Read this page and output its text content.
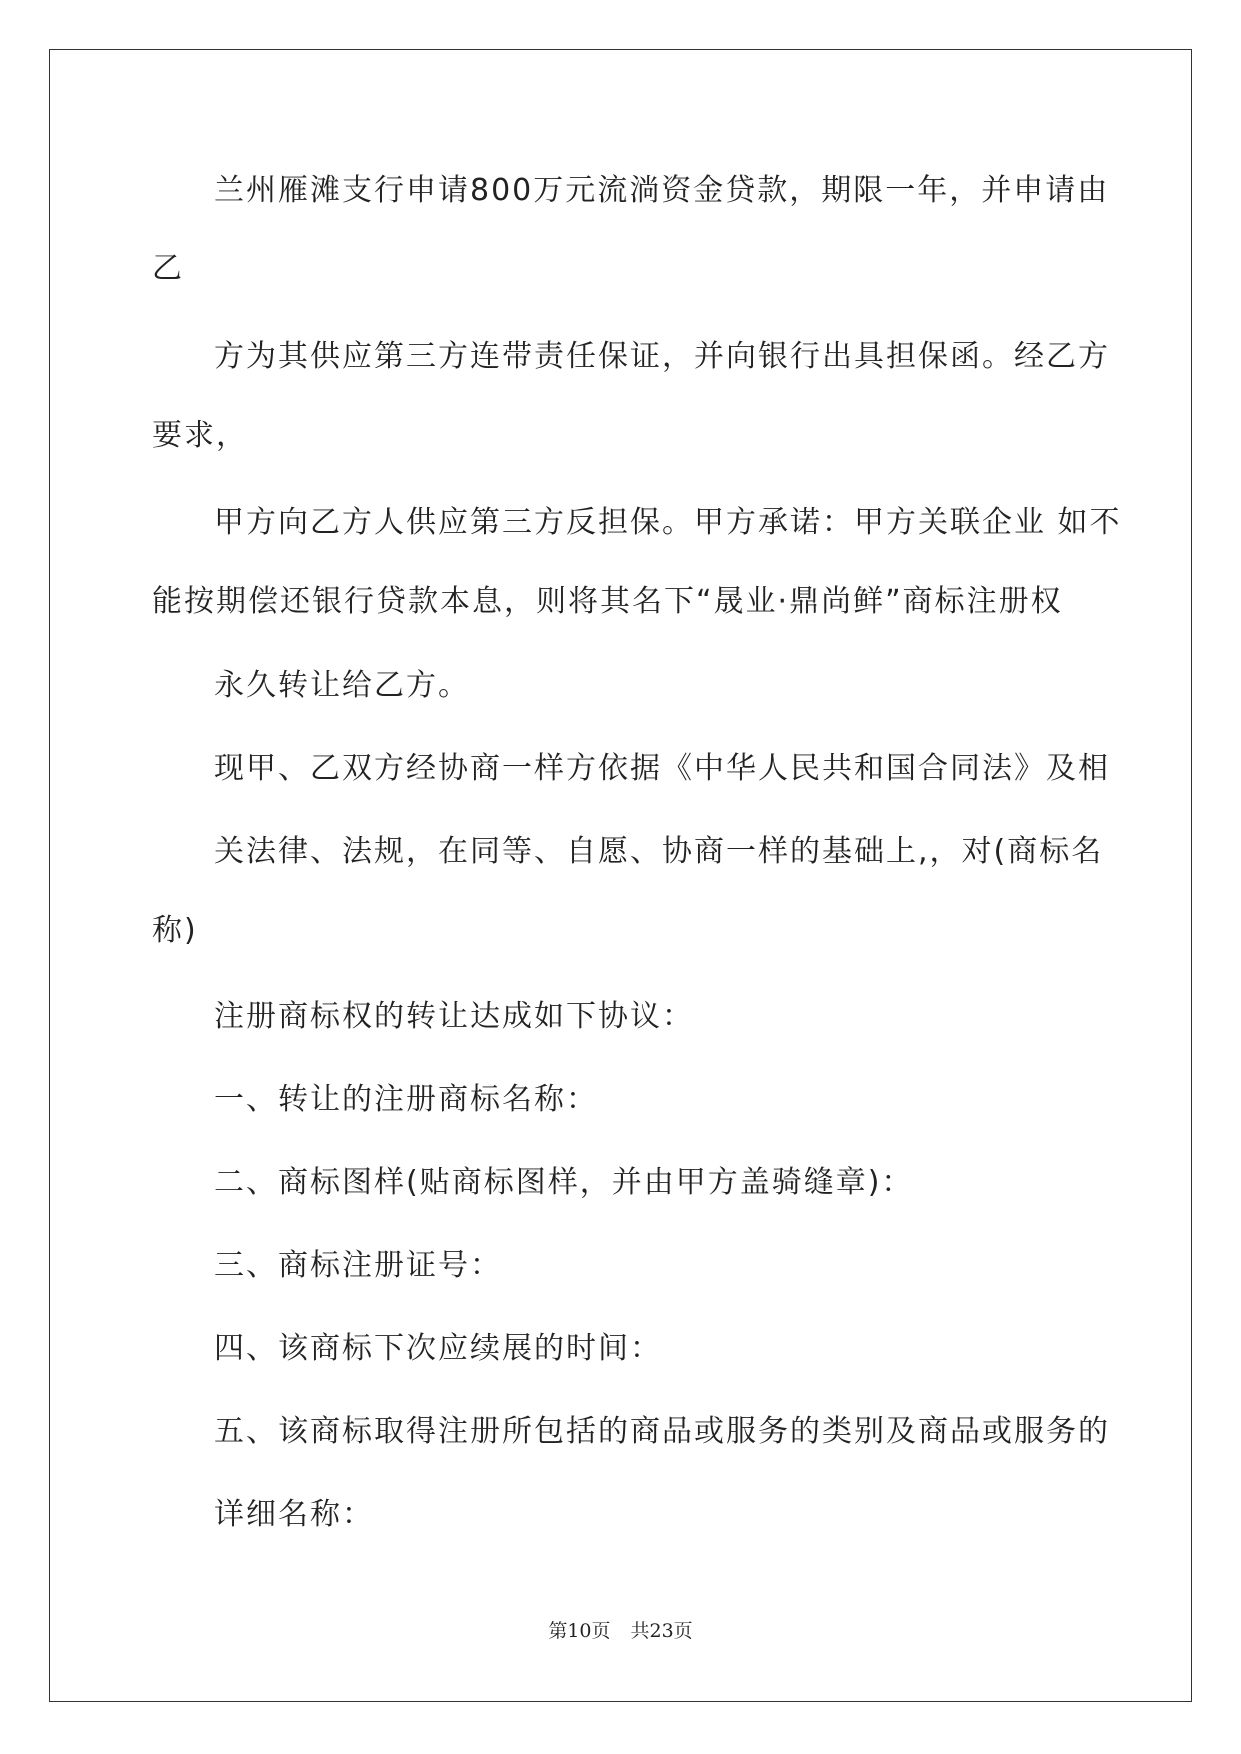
兰州雁滩支行申请800万元流淌资金贷款，期限一年，并申请由
乙
方为其供应第三方连带责任保证，并向银行出具担保函。经乙方
要求，
甲方向乙方人供应第三方反担保。甲方承诺：甲方关联企业 如不
能按期偿还银行贷款本息，则将其名下“晟业·鼎尚鲜”商标注册权
永久转让给乙方。
现甲、乙双方经协商一样方依据《中华人民共和国合同法》及相
关法律、法规，在同等、自愿、协商一样的基础上,，对(商标名
称)
注册商标权的转让达成如下协议：
一、转让的注册商标名称：
二、商标图样(贴商标图样，并由甲方盖骑缝章)：
三、商标注册证号：
四、该商标下次应续展的时间：
五、该商标取得注册所包括的商品或服务的类别及商品或服务的
详细名称：
第10页 共23页
